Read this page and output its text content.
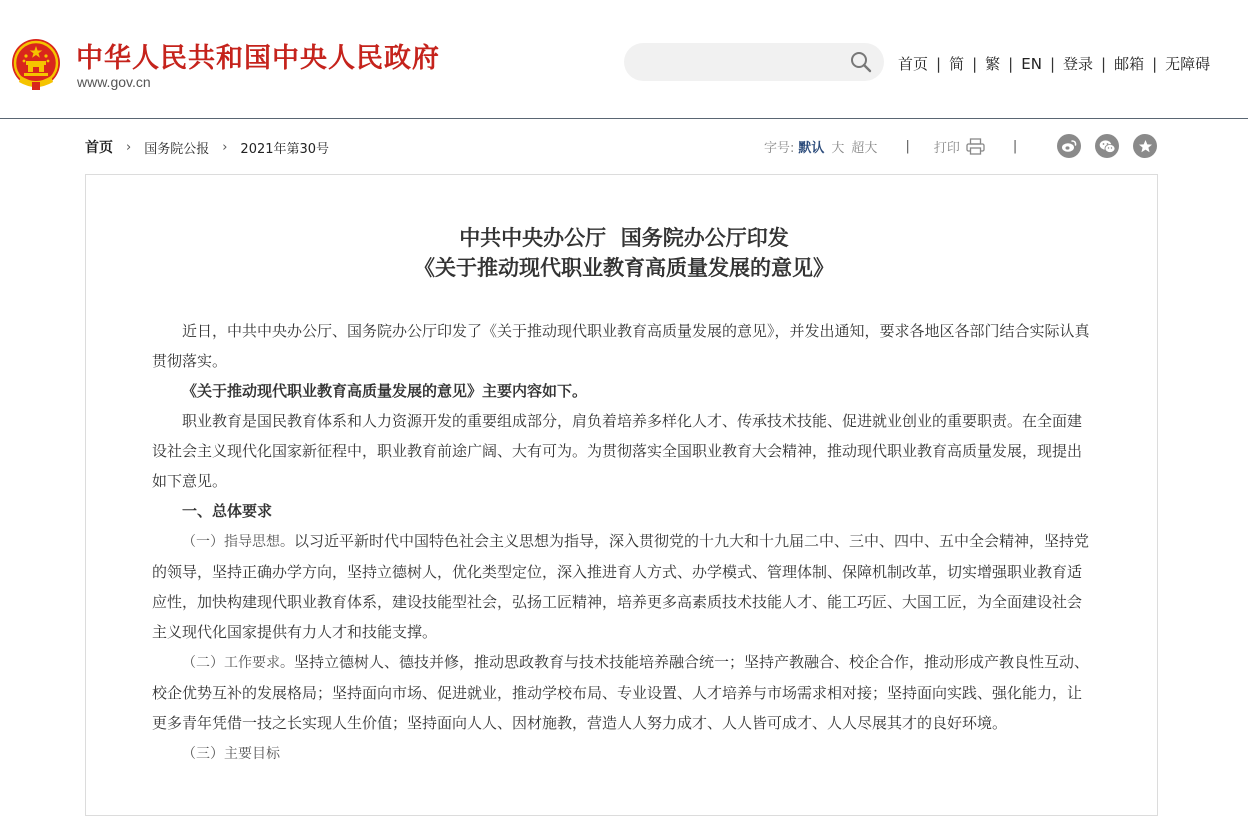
中华人民共和国中央人民政府
www.gov.cn
首页 | 简 | 繁 | EN | 登录 | 邮箱 | 无障碍
首页 › 国务院公报 › 2021年第30号	字号: 默认 大 超大 | 打印	|
中共中央办公厅  国务院办公厅印发
《关于推动现代职业教育高质量发展的意见》

近日，中共中央办公厅、国务院办公厅印发了《关于推动现代职业教育高质量发展的意见》，并发出通知，要求各地区各部门结合实际认真贯彻落实。

《关于推动现代职业教育高质量发展的意见》主要内容如下。

职业教育是国民教育体系和人力资源开发的重要组成部分，肩负着培养多样化人才、传承技术技能、促进就业创业的重要职责。在全面建设社会主义现代化国家新征程中，职业教育前途广阔、大有可为。为贯彻落实全国职业教育大会精神，推动现代职业教育高质量发展，现提出如下意见。

一、总体要求

（一）指导思想。以习近平新时代中国特色社会主义思想为指导，深入贯彻党的十九大和十九届二中、三中、四中、五中全会精神，坚持党的领导，坚持正确办学方向，坚持立德树人，优化类型定位，深入推进育人方式、办学模式、管理体制、保障机制改革，切实增强职业教育适应性，加快构建现代职业教育体系，建设技能型社会，弘扬工匠精神，培养更多高素质技术技能人才、能工巧匠、大国工匠，为全面建设社会主义现代化国家提供有力人才和技能支撑。

（二）工作要求。坚持立德树人、德技并修，推动思政教育与技术技能培养融合统一；坚持产教融合、校企合作，推动形成产教良性互动、校企优势互补的发展格局；坚持面向市场、促进就业，推动学校布局、专业设置、人才培养与市场需求相对接；坚持面向实践、强化能力，让更多青年凭借一技之长实现人生价值；坚持面向人人、因材施教，营造人人努力成才、人人皆可成才、人人尽展其才的良好环境。

（三）主要目标
